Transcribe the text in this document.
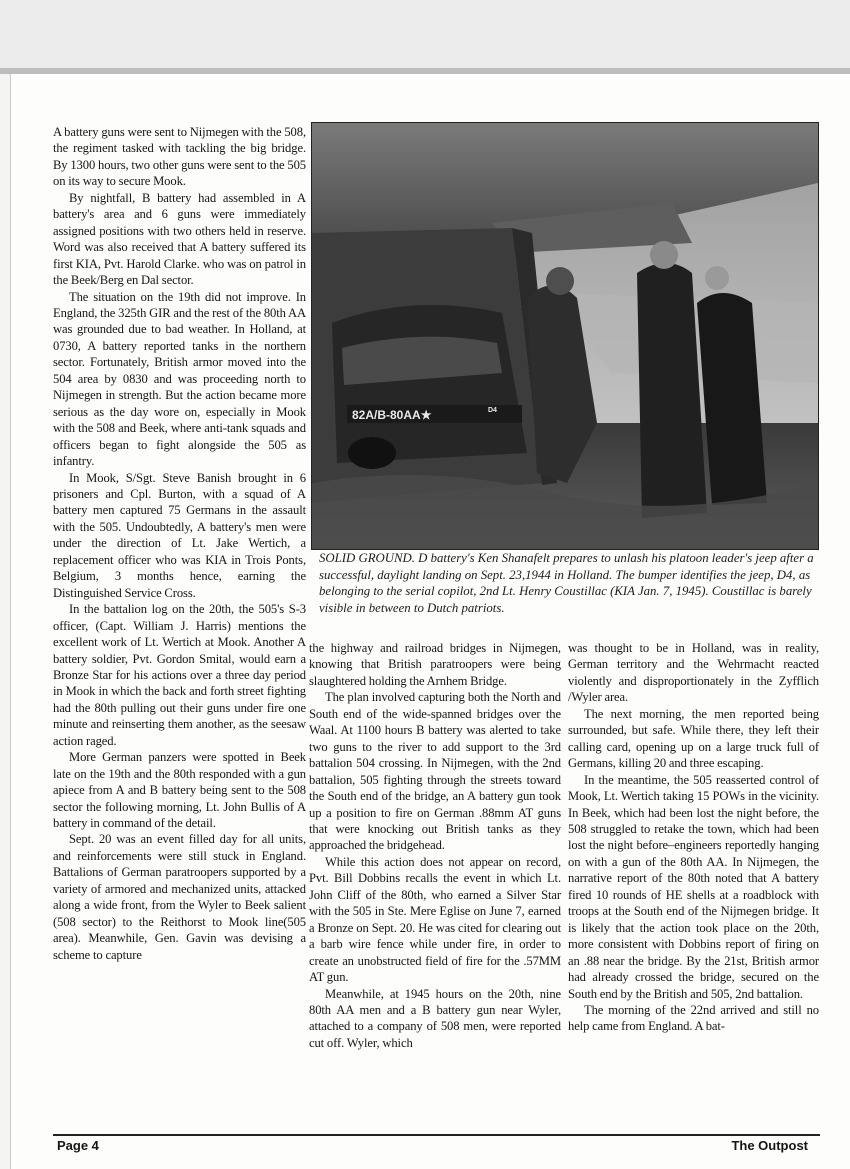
A battery guns were sent to Nijmegen with the 508, the regiment tasked with tackling the big bridge. By 1300 hours, two other guns were sent to the 505 on its way to secure Mook.

By nightfall, B battery had assembled in A battery's area and 6 guns were immediately assigned positions with two others held in reserve. Word was also received that A battery suffered its first KIA, Pvt. Harold Clarke. who was on patrol in the Beek/Berg en Dal sector.

The situation on the 19th did not improve. In England, the 325th GIR and the rest of the 80th AA was grounded due to bad weather. In Holland, at 0730, A battery reported tanks in the northern sector. Fortunately, British armor moved into the 504 area by 0830 and was proceeding north to Nijmegen in strength. But the action became more serious as the day wore on, especially in Mook with the 508 and Beek, where anti-tank squads and officers began to fight alongside the 505 as infantry.

In Mook, S/Sgt. Steve Banish brought in 6 prisoners and Cpl. Burton, with a squad of A battery men captured 75 Germans in the assault with the 505. Undoubtedly, A battery's men were under the direction of Lt. Jake Wertich, a replacement officer who was KIA in Trois Ponts, Belgium, 3 months hence, earning the Distinguished Service Cross.

In the battalion log on the 20th, the 505's S-3 officer, (Capt. William J. Harris) mentions the excellent work of Lt. Wertich at Mook. Another A battery soldier, Pvt. Gordon Smital, would earn a Bronze Star for his actions over a three day period in Mook in which the back and forth street fighting had the 80th pulling out their guns under fire one minute and reinserting them another, as the seesaw action raged.

More German panzers were spotted in Beek late on the 19th and the 80th responded with a gun apiece from A and B battery being sent to the 508 sector the following morning, Lt. John Bullis of A battery in command of the detail.

Sept. 20 was an event filled day for all units, and reinforcements were still stuck in England. Battalions of German paratroopers supported by a variety of armored and mechanized units, attacked along a wide front, from the Wyler to Beek salient (508 sector) to the Reithorst to Mook line(505 area). Meanwhile, Gen. Gavin was devising a scheme to capture

82A/B-80AA★	D4
SOLID GROUND. D battery's Ken Shanafelt prepares to unlash his platoon leader's jeep after a successful, daylight landing on Sept. 23,1944 in Holland. The bumper identifies the jeep, D4, as belonging to the serial copilot, 2nd Lt. Henry Coustillac (KIA Jan. 7, 1945). Coustillac is barely visible in between to Dutch patriots.

the highway and railroad bridges in Nijmegen, knowing that British paratroopers were being slaughtered holding the Arnhem Bridge.

The plan involved capturing both the North and South end of the wide-spanned bridges over the Waal. At 1100 hours B battery was alerted to take two guns to the river to add support to the 3rd battalion 504 crossing. In Nijmegen, with the 2nd battalion, 505 fighting through the streets toward the South end of the bridge, an A battery gun took up a position to fire on German .88mm AT guns that were knocking out British tanks as they approached the bridgehead.

While this action does not appear on record, Pvt. Bill Dobbins recalls the event in which Lt. John Cliff of the 80th, who earned a Silver Star with the 505 in Ste. Mere Eglise on June 7, earned a Bronze on Sept. 20. He was cited for clearing out a barb wire fence while under fire, in order to create an unobstructed field of fire for the .57MM AT gun.

Meanwhile, at 1945 hours on the 20th, nine 80th AA men and a B battery gun near Wyler, attached to a company of 508 men, were reported cut off. Wyler, which

was thought to be in Holland, was in reality, German territory and the Wehrmacht reacted violently and disproportionately in the Zyfflich /Wyler area.

The next morning, the men reported being surrounded, but safe. While there, they left their calling card, opening up on a large truck full of Germans, killing 20 and three escaping.

In the meantime, the 505 reasserted control of Mook, Lt. Wertich taking 15 POWs in the vicinity. In Beek, which had been lost the night before, the 508 struggled to retake the town, which had been lost the night before–engineers reportedly hanging on with a gun of the 80th AA. In Nijmegen, the narrative report of the 80th noted that A battery fired 10 rounds of HE shells at a roadblock with troops at the South end of the Nijmegen bridge. It is likely that the action took place on the 20th, more consistent with Dobbins report of firing on an .88 near the bridge. By the 21st, British armor had already crossed the bridge, secured on the South end by the British and 505, 2nd battalion.

The morning of the 22nd arrived and still no help came from England. A bat-

Page 4	The Outpost
